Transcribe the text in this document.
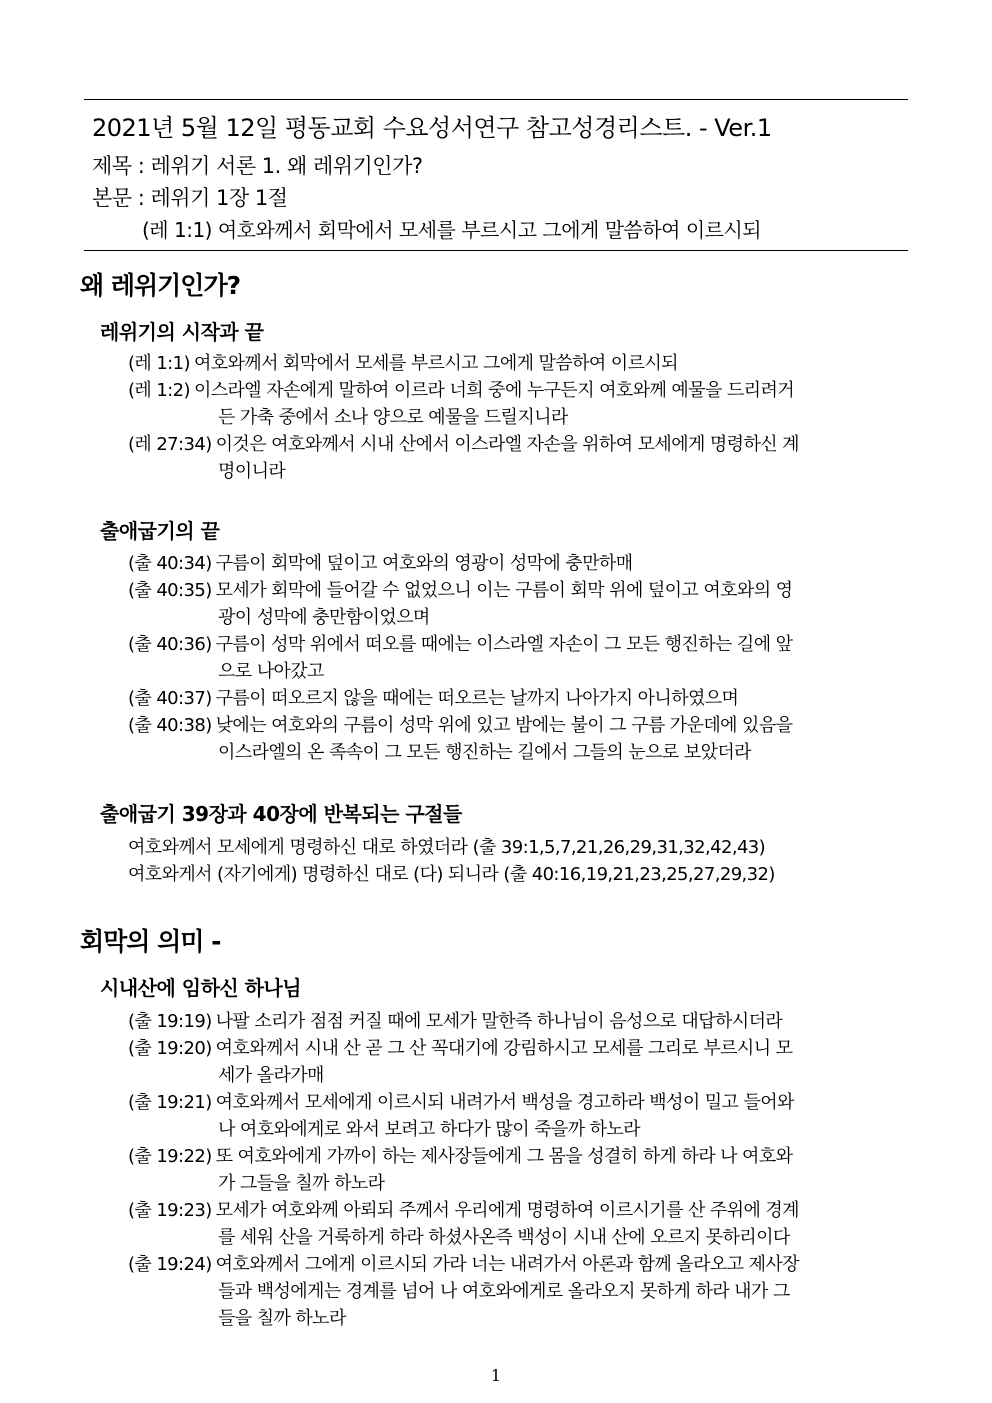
2021년 5월 12일 평동교회 수요성서연구 참고성경리스트. - Ver.1
제목 : 레위기 서론 1. 왜 레위기인가?
본문 : 레위기 1장 1절
(레 1:1) 여호와께서 회막에서 모세를 부르시고 그에게 말씀하여 이르시되
왜 레위기인가?
레위기의 시작과 끝
(레 1:1) 여호와께서 회막에서 모세를 부르시고 그에게 말씀하여 이르시되
(레 1:2) 이스라엘 자손에게 말하여 이르라 너희 중에 누구든지 여호와께 예물을 드리려거
든 가축 중에서 소나 양으로 예물을 드릴지니라
(레 27:34) 이것은 여호와께서 시내 산에서 이스라엘 자손을 위하여 모세에게 명령하신 계
명이니라
출애굽기의 끝
(출 40:34) 구름이 회막에 덮이고 여호와의 영광이 성막에 충만하매
(출 40:35) 모세가 회막에 들어갈 수 없었으니 이는 구름이 회막 위에 덮이고 여호와의 영
광이 성막에 충만함이었으며
(출 40:36) 구름이 성막 위에서 떠오를 때에는 이스라엘 자손이 그 모든 행진하는 길에 앞
으로 나아갔고
(출 40:37) 구름이 떠오르지 않을 때에는 떠오르는 날까지 나아가지 아니하였으며
(출 40:38) 낮에는 여호와의 구름이 성막 위에 있고 밤에는 불이 그 구름 가운데에 있음을
이스라엘의 온 족속이 그 모든 행진하는 길에서 그들의 눈으로 보았더라
출애굽기 39장과 40장에 반복되는 구절들
여호와께서 모세에게 명령하신 대로 하였더라 (출 39:1,5,7,21,26,29,31,32,42,43)
여호와게서 (자기에게) 명령하신 대로 (다) 되니라 (출 40:16,19,21,23,25,27,29,32)
회막의 의미 -
시내산에 임하신 하나님
(출 19:19) 나팔 소리가 점점 커질 때에 모세가 말한즉 하나님이 음성으로 대답하시더라
(출 19:20) 여호와께서 시내 산 곧 그 산 꼭대기에 강림하시고 모세를 그리로 부르시니 모
세가 올라가매
(출 19:21) 여호와께서 모세에게 이르시되 내려가서 백성을 경고하라 백성이 밀고 들어와
나 여호와에게로 와서 보려고 하다가 많이 죽을까 하노라
(출 19:22) 또 여호와에게 가까이 하는 제사장들에게 그 몸을 성결히 하게 하라 나 여호와
가 그들을 칠까 하노라
(출 19:23) 모세가 여호와께 아뢰되 주께서 우리에게 명령하여 이르시기를 산 주위에 경계
를 세워 산을 거룩하게 하라 하셨사온즉 백성이 시내 산에 오르지 못하리이다
(출 19:24) 여호와께서 그에게 이르시되 가라 너는 내려가서 아론과 함께 올라오고 제사장
들과 백성에게는 경계를 넘어 나 여호와에게로 올라오지 못하게 하라 내가 그
들을 칠까 하노라
1
